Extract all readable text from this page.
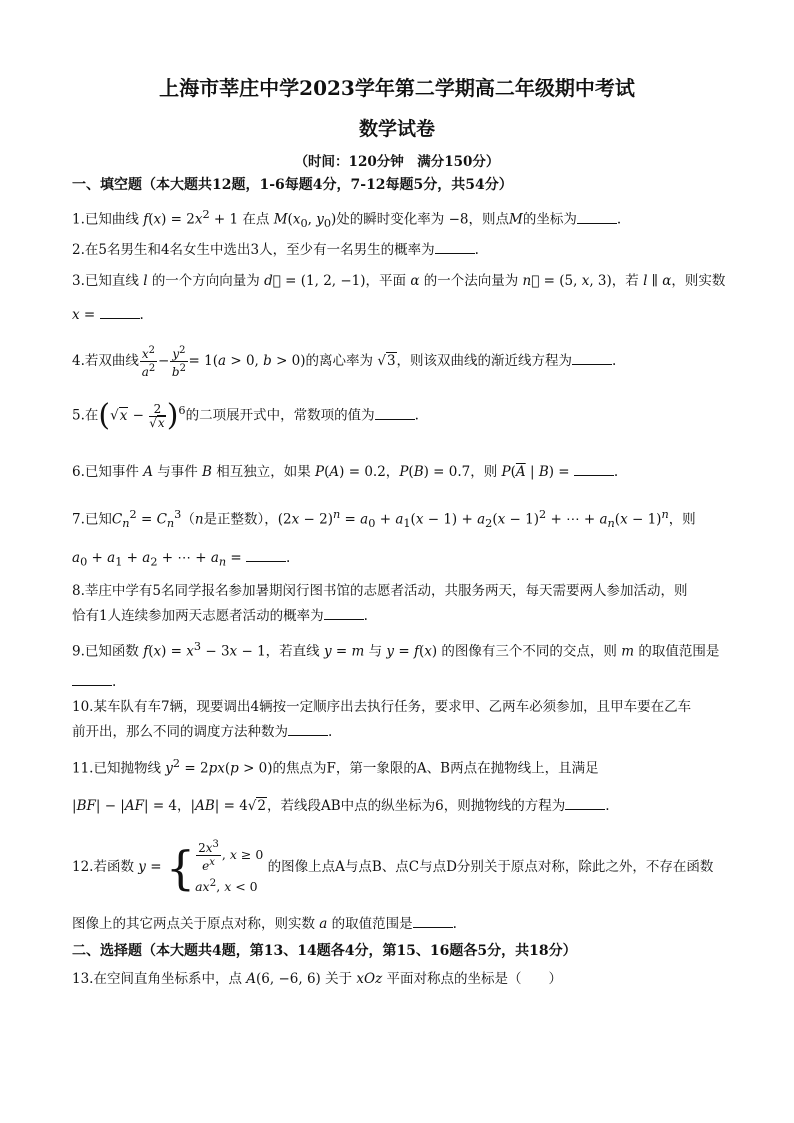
上海市莘庄中学2023学年第二学期高二年级期中考试
数学试卷
（时间：120分钟　满分150分）
一、填空题（本大题共12题，1-6每题4分，7-12每题5分，共54分）
1.已知曲线 $f(x) = 2x^2 + 1$ 在点 $M(x_0$, $y_0$)处的瞬时变化率为 −8，则点M的坐标为	.
2.在5名男生和4名女生中选出3人，至少有一名男生的概率为	.
3.已知直线 l 的一个方向向量为 d⃗ = (1, 2, −1)，平面 α 的一个法向量为 n⃗ = (5, x, 3)，若 l ∥ α，则实数
x =	.
4.若双曲线 $\frac{x^2}{a^2} - \frac{y^2}{b^2} = 1(a > 0$, b > 0)的离心率为 √3，则该双曲线的渐近线方程为	.
5.在$(√x - \frac{2}{√x} )^6$的二项展开式中，常数项的值为	.
6.已知事件 A 与事件 B 相互独立，如果 P(A) = 0.2，P(B) = 0.7，则 $P(\overline{A}$ | B) =	.
7.已知$C_n^2 = C_n^3(n$是正整数），$(2x - 2)^n = a_0 + a_1(x - 1) + a_2(x - 1)^2$ + ⋯ + $a_n(x - 1)^n$，则
$a_0 + a_1 + a_2$ + ⋯ + $a_n$ =	.
8.莘庄中学有5名同学报名参加暑期闵行图书馆的志愿者活动，共服务两天，每天需要两人参加活动，则
恰有1人连续参加两天志愿者活动的概率为	.
9.已知函数 $f(x) = x^3 - 3x - 1$，若直线 y = m 与 y = f(x) 的图像有三个不同的交点，则 m 的取值范围是
.
10.某车队有车7辆，现要调出4辆按一定顺序出去执行任务，要求甲、乙两车必须参加，且甲车要在乙车
前开出，那么不同的调度方法种数为	.
11.已知抛物线 $y^2 = 2px(p > 0)$的焦点为F，第一象限的A、B两点在抛物线上，且满足
|BF| − |AF| = 4，|AB| = 4√2，若线段AB中点的纵坐标为6，则抛物线的方程为	.
12.若函数 y = { $\frac{2x^3}{e^x}$ , x ≥ 0
$ax^2$, x < 0
的图像上点A与点B、点C与点D分别关于原点对称，除此之外，不存在函数
图像上的其它两点关于原点对称，则实数 a 的取值范围是	.
二、选择题（本大题共4题，第13、14题各4分，第15、16题各5分，共18分）
13.在空间直角坐标系中，点 A(6, −6, 6) 关于 xOz 平面对称点的坐标是（　　）
